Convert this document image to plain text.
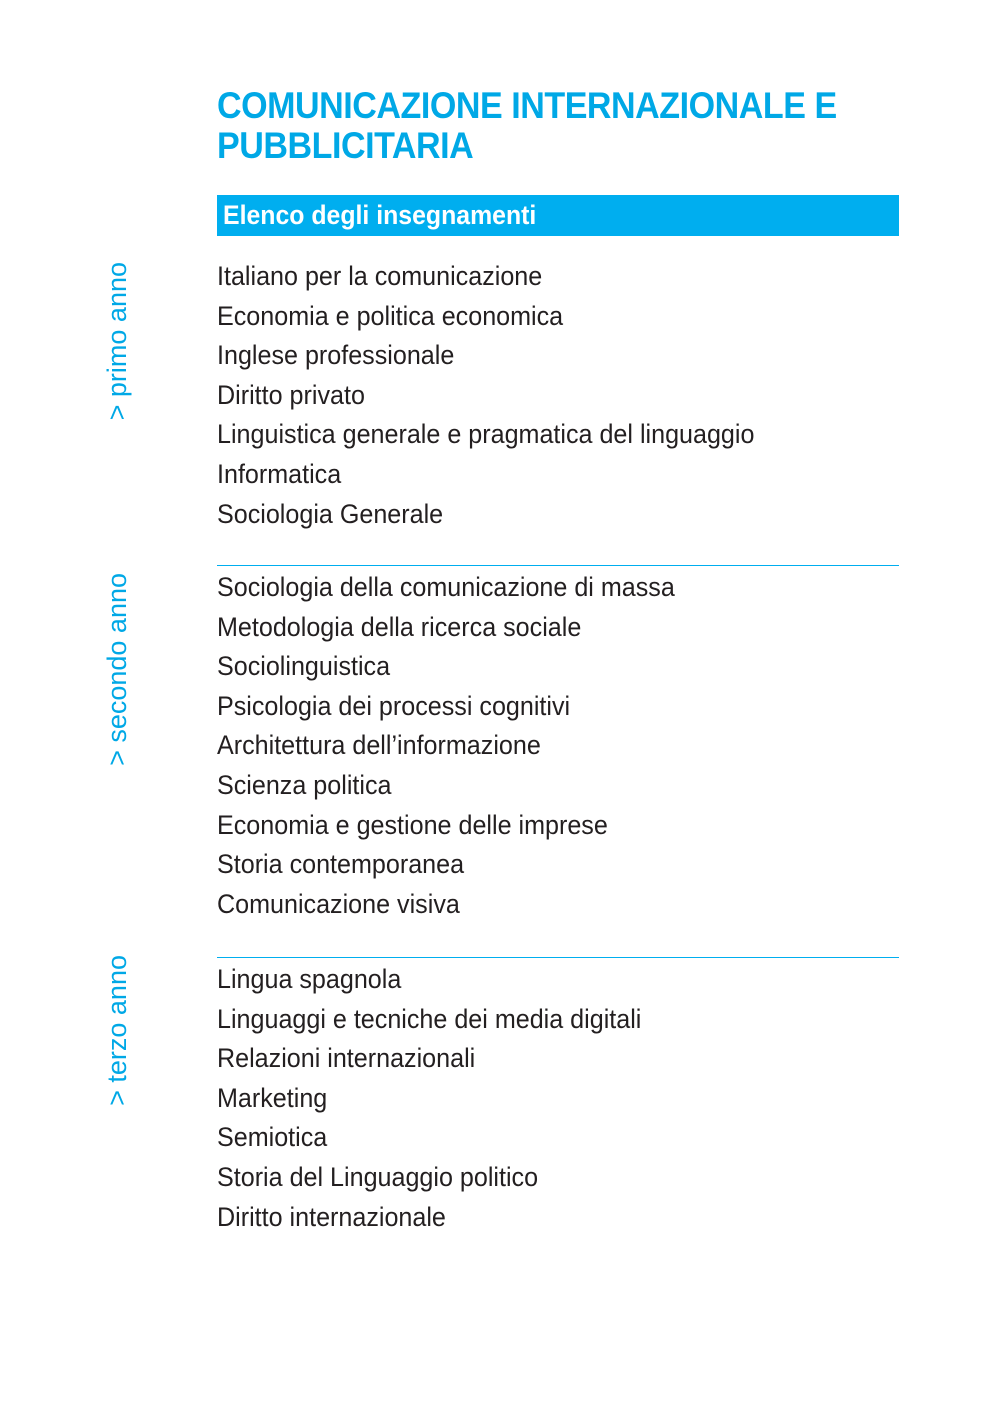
COMUNICAZIONE INTERNAZIONALE E
PUBBLICITARIA
Elenco degli insegnamenti
> primo anno	Italiano per la comunicazione
Economia e politica economica
Inglese professionale
Diritto privato
Linguistica generale e pragmatica del linguaggio
Informatica
Sociologia Generale
> secondo anno	Sociologia della comunicazione di massa
Metodologia della ricerca sociale
Sociolinguistica
Psicologia dei processi cognitivi
Architettura dell’informazione
Scienza politica
Economia e gestione delle imprese
Storia contemporanea
Comunicazione visiva
> terzo anno	Lingua spagnola
Linguaggi e tecniche dei media digitali
Relazioni internazionali
Marketing
Semiotica
Storia del Linguaggio politico
Diritto internazionale
